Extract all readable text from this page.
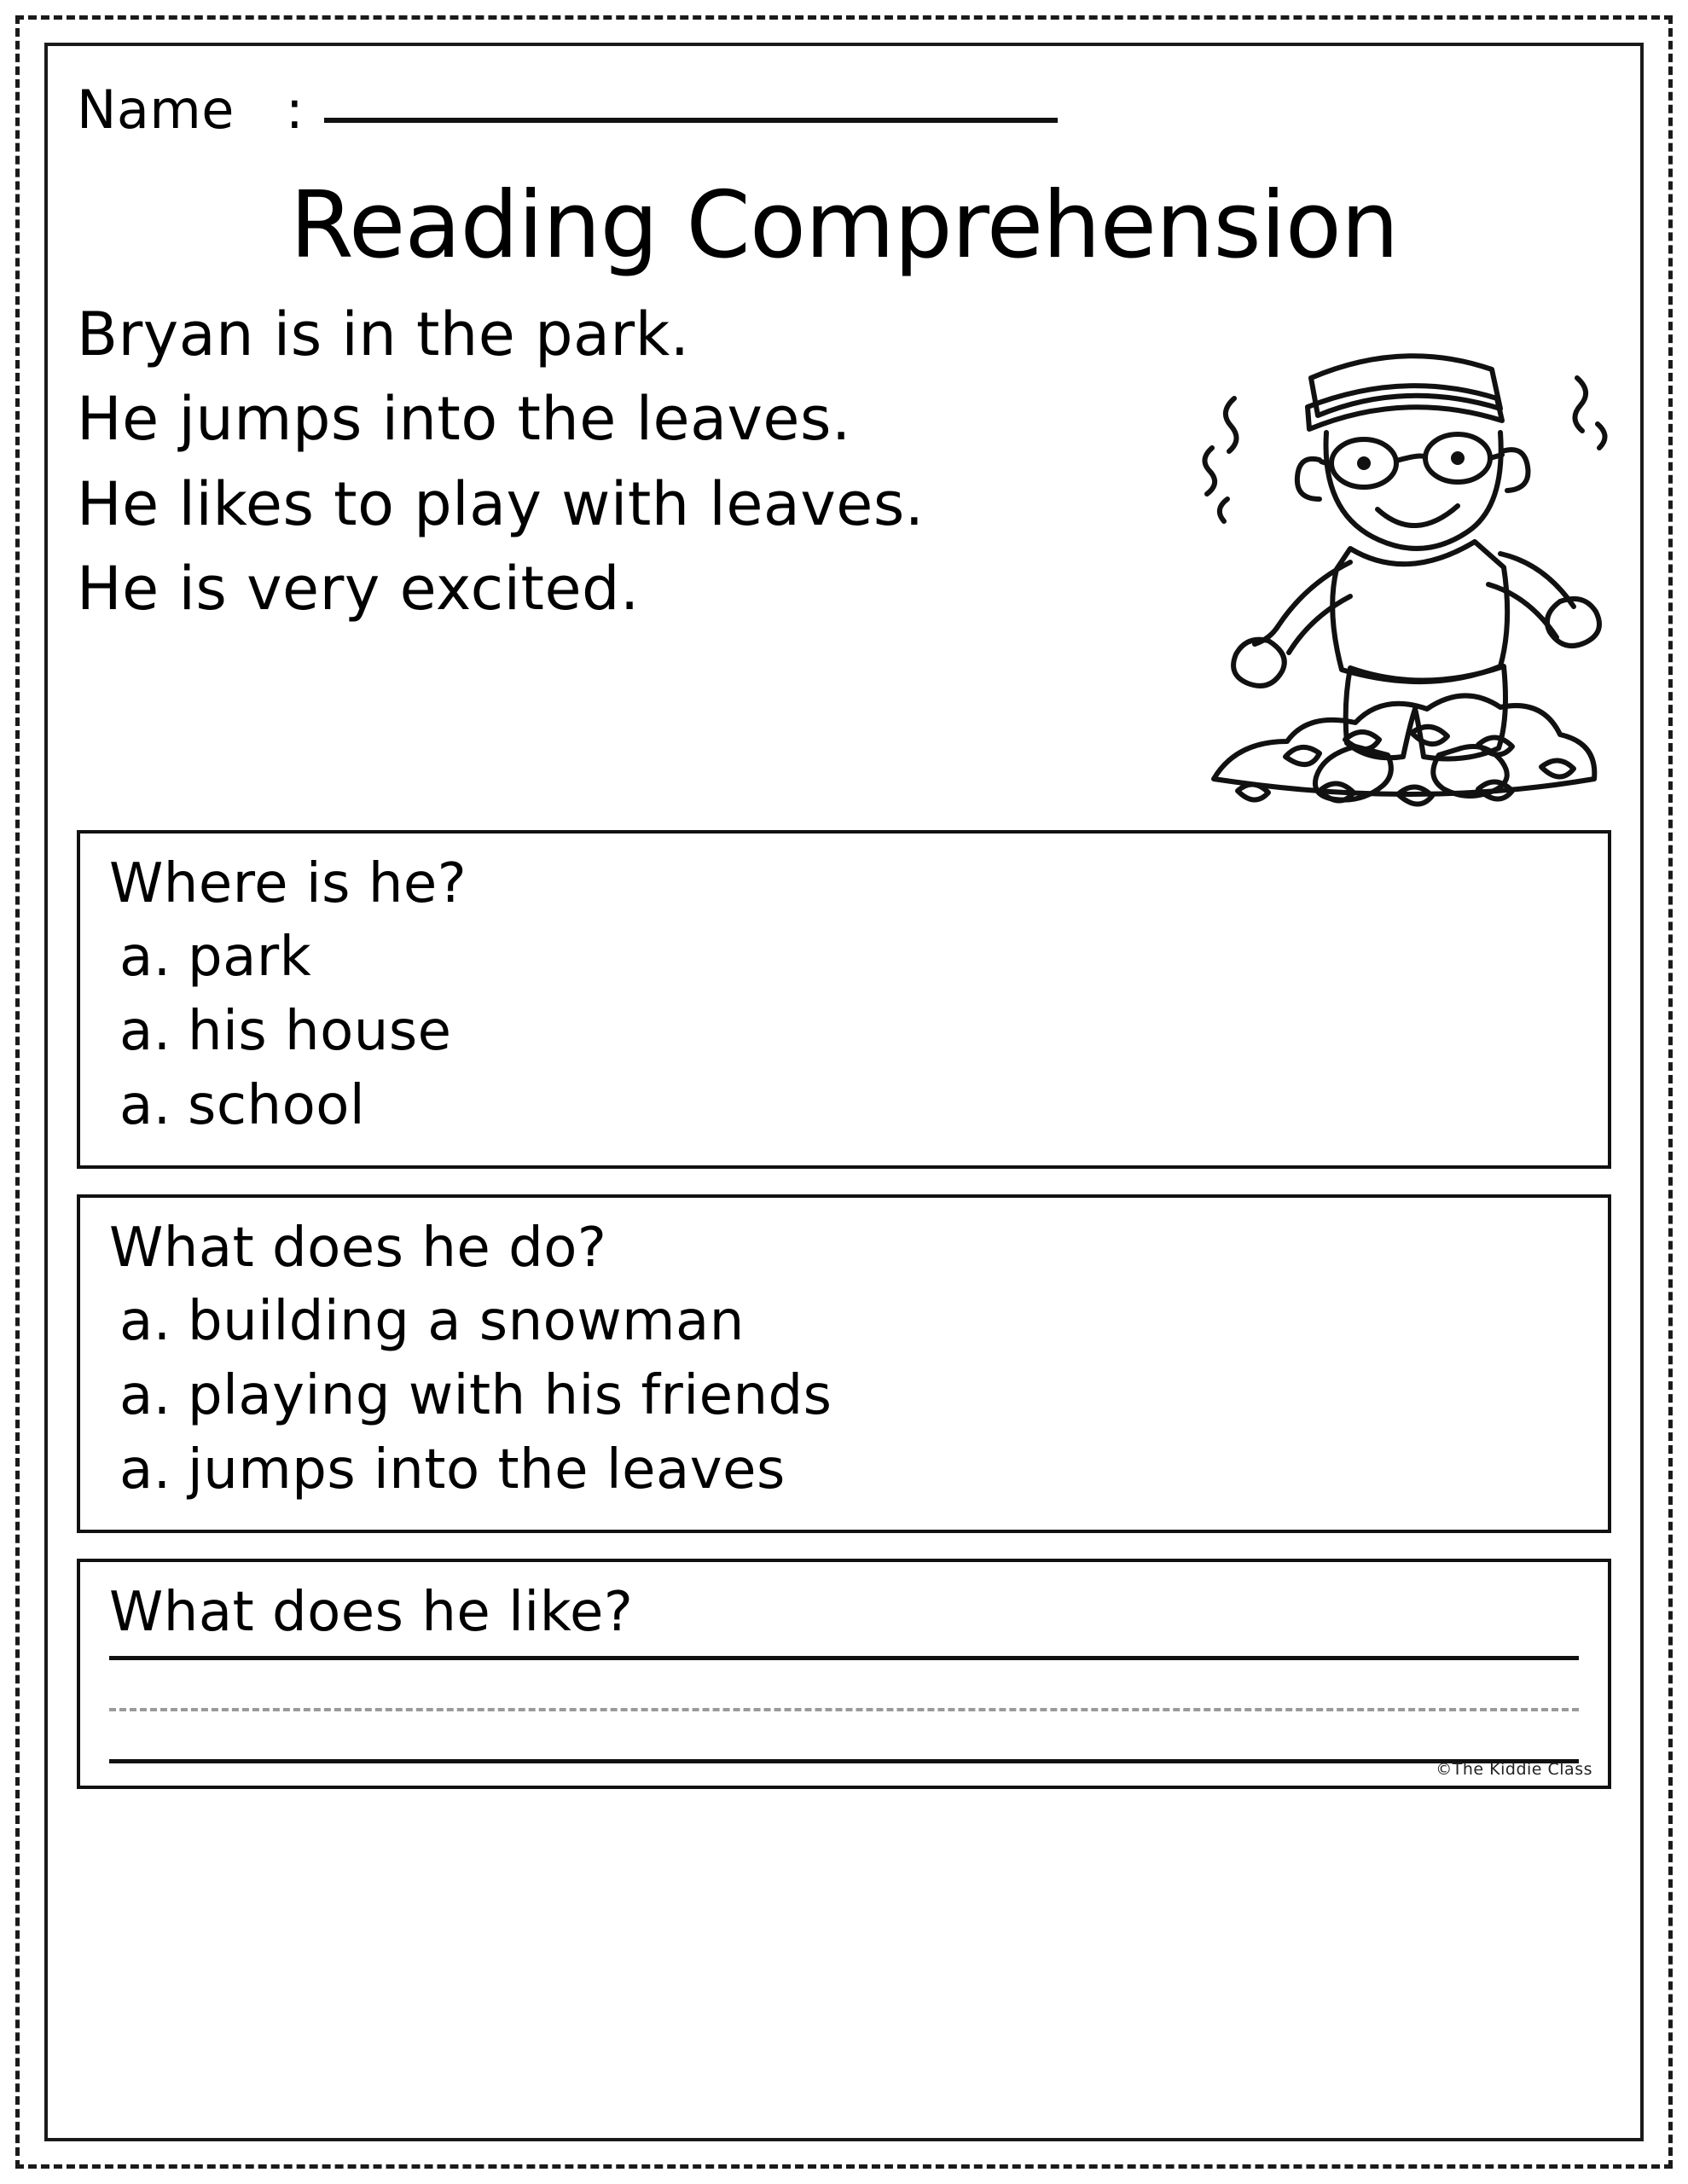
Name :
Reading Comprehension
Bryan is in the park.
He jumps into the leaves.
He likes to play with leaves.
He is very excited.
Where is he?
a. park
a. his house
a. school
What does he do?
a. building a snowman
a. playing with his friends
a. jumps into the leaves
What does he like?
©The Kiddie Class
